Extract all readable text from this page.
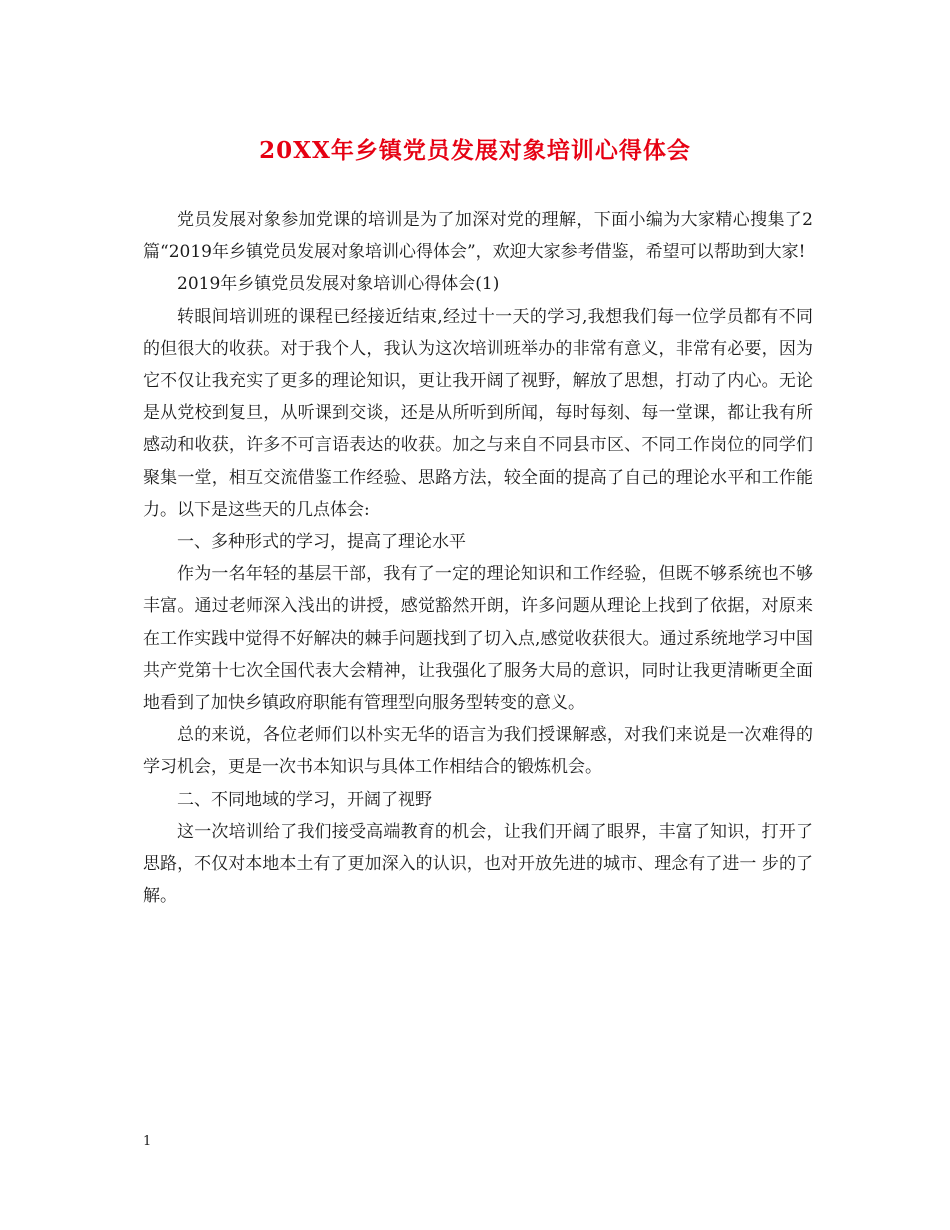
20XX年乡镇党员发展对象培训心得体会

党员发展对象参加党课的培训是为了加深对党的理解，下面小编为大家精心搜集了2篇“2019年乡镇党员发展对象培训心得体会”，欢迎大家参考借鉴，希望可以帮助到大家!

2019年乡镇党员发展对象培训心得体会(1)

转眼间培训班的课程已经接近结束,经过十一天的学习,我想我们每一位学员都有不同的但很大的收获。对于我个人，我认为这次培训班举办的非常有意义，非常有必要，因为它不仅让我充实了更多的理论知识，更让我开阔了视野，解放了思想，打动了内心。无论是从党校到复旦，从听课到交谈，还是从所听到所闻，每时每刻、每一堂课，都让我有所感动和收获，许多不可言语表达的收获。加之与来自不同县市区、不同工作岗位的同学们聚集一堂，相互交流借鉴工作经验、思路方法，较全面的提高了自己的理论水平和工作能力。以下是这些天的几点体会:

一、多种形式的学习，提高了理论水平

作为一名年轻的基层干部，我有了一定的理论知识和工作经验，但既不够系统也不够丰富。通过老师深入浅出的讲授，感觉豁然开朗，许多问题从理论上找到了依据，对原来在工作实践中觉得不好解决的棘手问题找到了切入点,感觉收获很大。通过系统地学习中国共产党第十七次全国代表大会精神，让我强化了服务大局的意识，同时让我更清晰更全面地看到了加快乡镇政府职能有管理型向服务型转变的意义。

总的来说，各位老师们以朴实无华的语言为我们授课解惑，对我们来说是一次难得的学习机会，更是一次书本知识与具体工作相结合的锻炼机会。

二、不同地域的学习，开阔了视野

这一次培训给了我们接受高端教育的机会，让我们开阔了眼界，丰富了知识，打开了思路，不仅对本地本土有了更加深入的认识，也对开放先进的城市、理念有了进一 步的了解。

1
